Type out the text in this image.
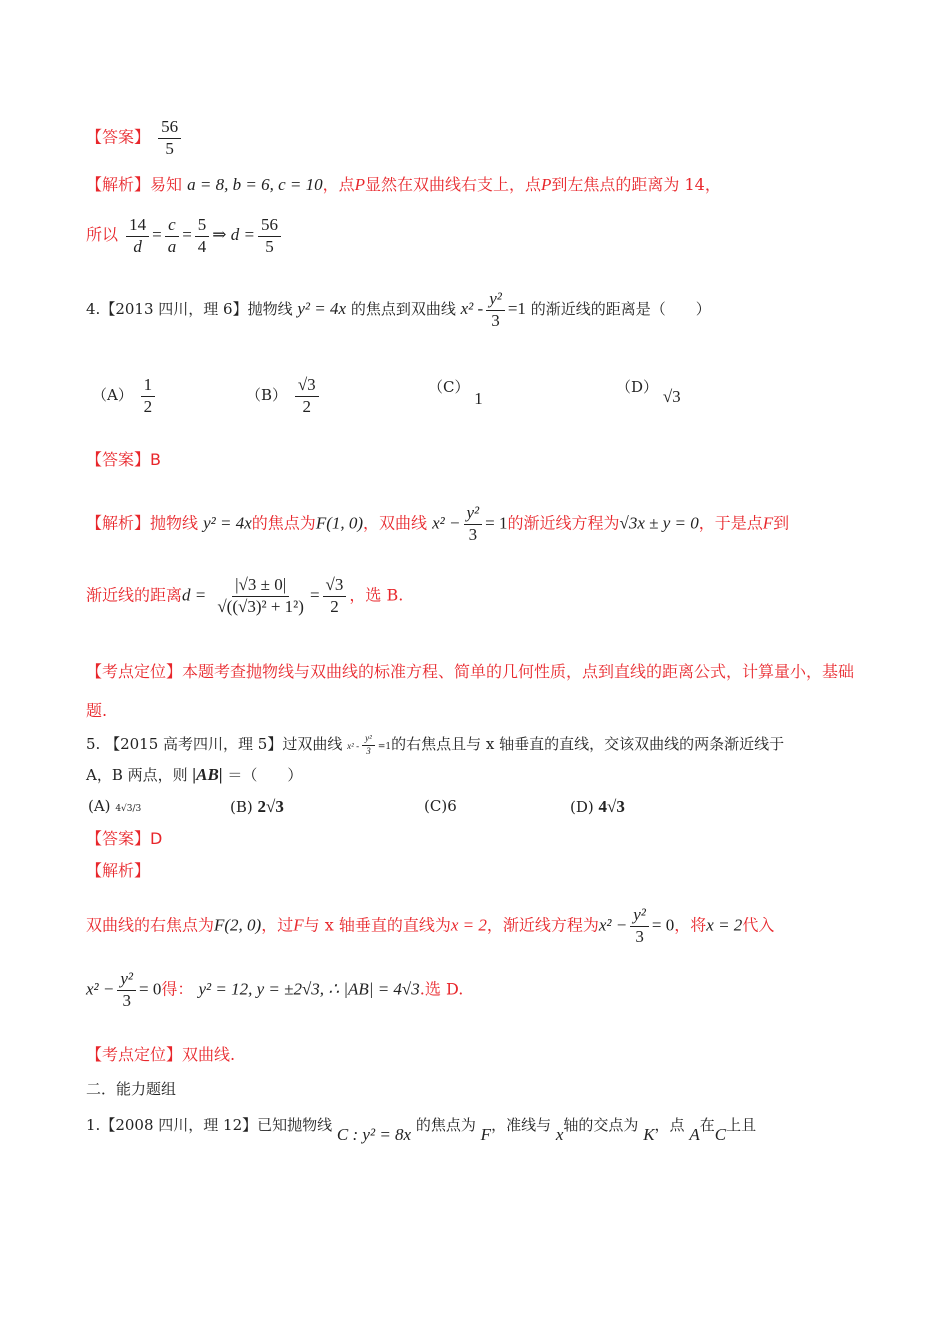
【答案】 $\frac{56}{5}$
【解析】易知 a = 8, b = 6, c = 10，点P显然在双曲线右支上，点P到左焦点的距离为 14，
所以 $\frac{14}{d} = \frac{c}{a} = \frac{5}{4}$ ⇒ $d = \frac{56}{5}$
4.【2013 四川，理 6】抛物线 y² = 4x 的焦点到双曲线 $x^2 - \frac{\text{y²}}{3} =1$ 的渐近线的距离是（　　）
$(A) \frac{1}{2}$	$(B) \frac{√3}{2}$	（C） 1
（D） √3
【答案】B
【解析】抛物线 y² = 4x的焦点为F(1, 0)，双曲线 $x^2 - \frac{\text{y²}}{3} = 1$的渐近线方程为√3x ± y = 0，于是点F到
渐近线的距离$d = \frac{|√3 \pm 0|}{\text{√((√3)² + 1²)}} = \frac{√3}{2}$ ，选 B.
【考点定位】本题考查抛物线与双曲线的标准方程、简单的几何性质，点到直线的距离公式，计算量小，基础
题.
5. 【2015 高考四川，理 5】过双曲线 $x^2 - \frac{\text{y²}}{3} =1$的右焦点且与 x 轴垂直的直线，交该双曲线的两条渐近线于
A，B 两点，则 |AB| ＝（　　）
(A) 4√3/3	(B) 2√3	(C)6	(D) 4√3
【答案】D
【解析】
双曲线的右焦点为F(2, 0)，过F与 x 轴垂直的直线为x = 2，渐近线方程为$x^2 - \frac{\text{y²}}{3} = 0$，将x = 2代入
$x^2 - \frac{\text{y²}}{3} = 0$得： y² = 12, y = ±2√3, ∴ |AB| = 4√3.选 D.
【考点定位】双曲线.
二．能力题组
1.【2008 四川，理 12】已知抛物线 C : y² = 8x 的焦点为 F，准线与 x轴的交点为 K，点 A在C上且
